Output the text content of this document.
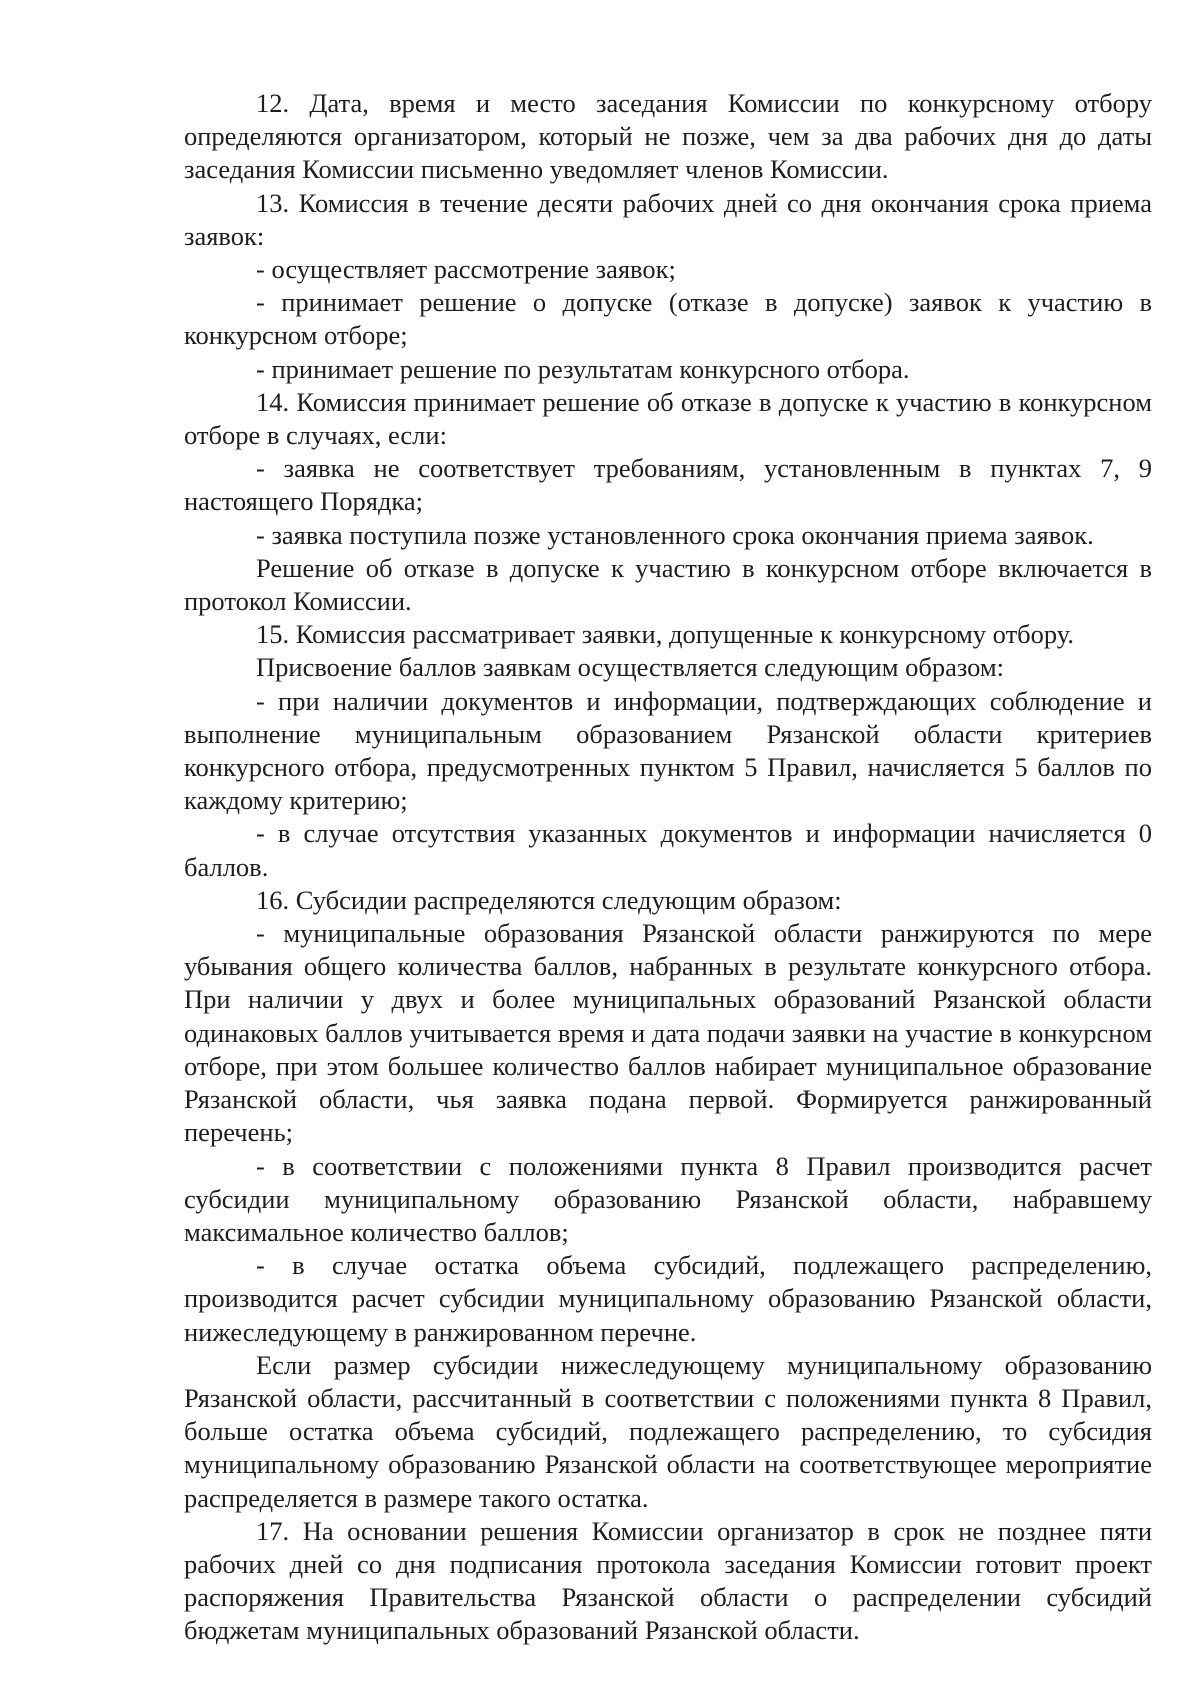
12. Дата, время и место заседания Комиссии по конкурсному отбору определяются организатором, который не позже, чем за два рабочих дня до даты заседания Комиссии письменно уведомляет членов Комиссии.

13. Комиссия в течение десяти рабочих дней со дня окончания срока приема заявок:

- осуществляет рассмотрение заявок;

- принимает решение о допуске (отказе в допуске) заявок к участию в конкурсном отборе;

- принимает решение по результатам конкурсного отбора.

14. Комиссия принимает решение об отказе в допуске к участию в конкурсном отборе в случаях, если:

- заявка не соответствует требованиям, установленным в пунктах 7, 9 настоящего Порядка;

- заявка поступила позже установленного срока окончания приема заявок.

Решение об отказе в допуске к участию в конкурсном отборе включается в протокол Комиссии.

15. Комиссия рассматривает заявки, допущенные к конкурсному отбору.

Присвоение баллов заявкам осуществляется следующим образом:

- при наличии документов и информации, подтверждающих соблюдение и выполнение муниципальным образованием Рязанской области критериев конкурсного отбора, предусмотренных пунктом 5 Правил, начисляется 5 баллов по каждому критерию;

- в случае отсутствия указанных документов и информации начисляется 0 баллов.

16. Субсидии распределяются следующим образом:

- муниципальные образования Рязанской области ранжируются по мере убывания общего количества баллов, набранных в результате конкурсного отбора. При наличии у двух и более муниципальных образований Рязанской области одинаковых баллов учитывается время и дата подачи заявки на участие в конкурсном отборе, при этом большее количество баллов набирает муниципальное образование Рязанской области, чья заявка подана первой. Формируется ранжированный перечень;

- в соответствии с положениями пункта 8 Правил производится расчет субсидии муниципальному образованию Рязанской области, набравшему максимальное количество баллов;

- в случае остатка объема субсидий, подлежащего распределению, производится расчет субсидии муниципальному образованию Рязанской области, нижеследующему в ранжированном перечне.

Если размер субсидии нижеследующему муниципальному образованию Рязанской области, рассчитанный в соответствии с положениями пункта 8 Правил, больше остатка объема субсидий, подлежащего распределению, то субсидия муниципальному образованию Рязанской области на соответствующее мероприятие распределяется в размере такого остатка.

17. На основании решения Комиссии организатор в срок не позднее пяти рабочих дней со дня подписания протокола заседания Комиссии готовит проект распоряжения Правительства Рязанской области о распределении субсидий бюджетам муниципальных образований Рязанской области.
